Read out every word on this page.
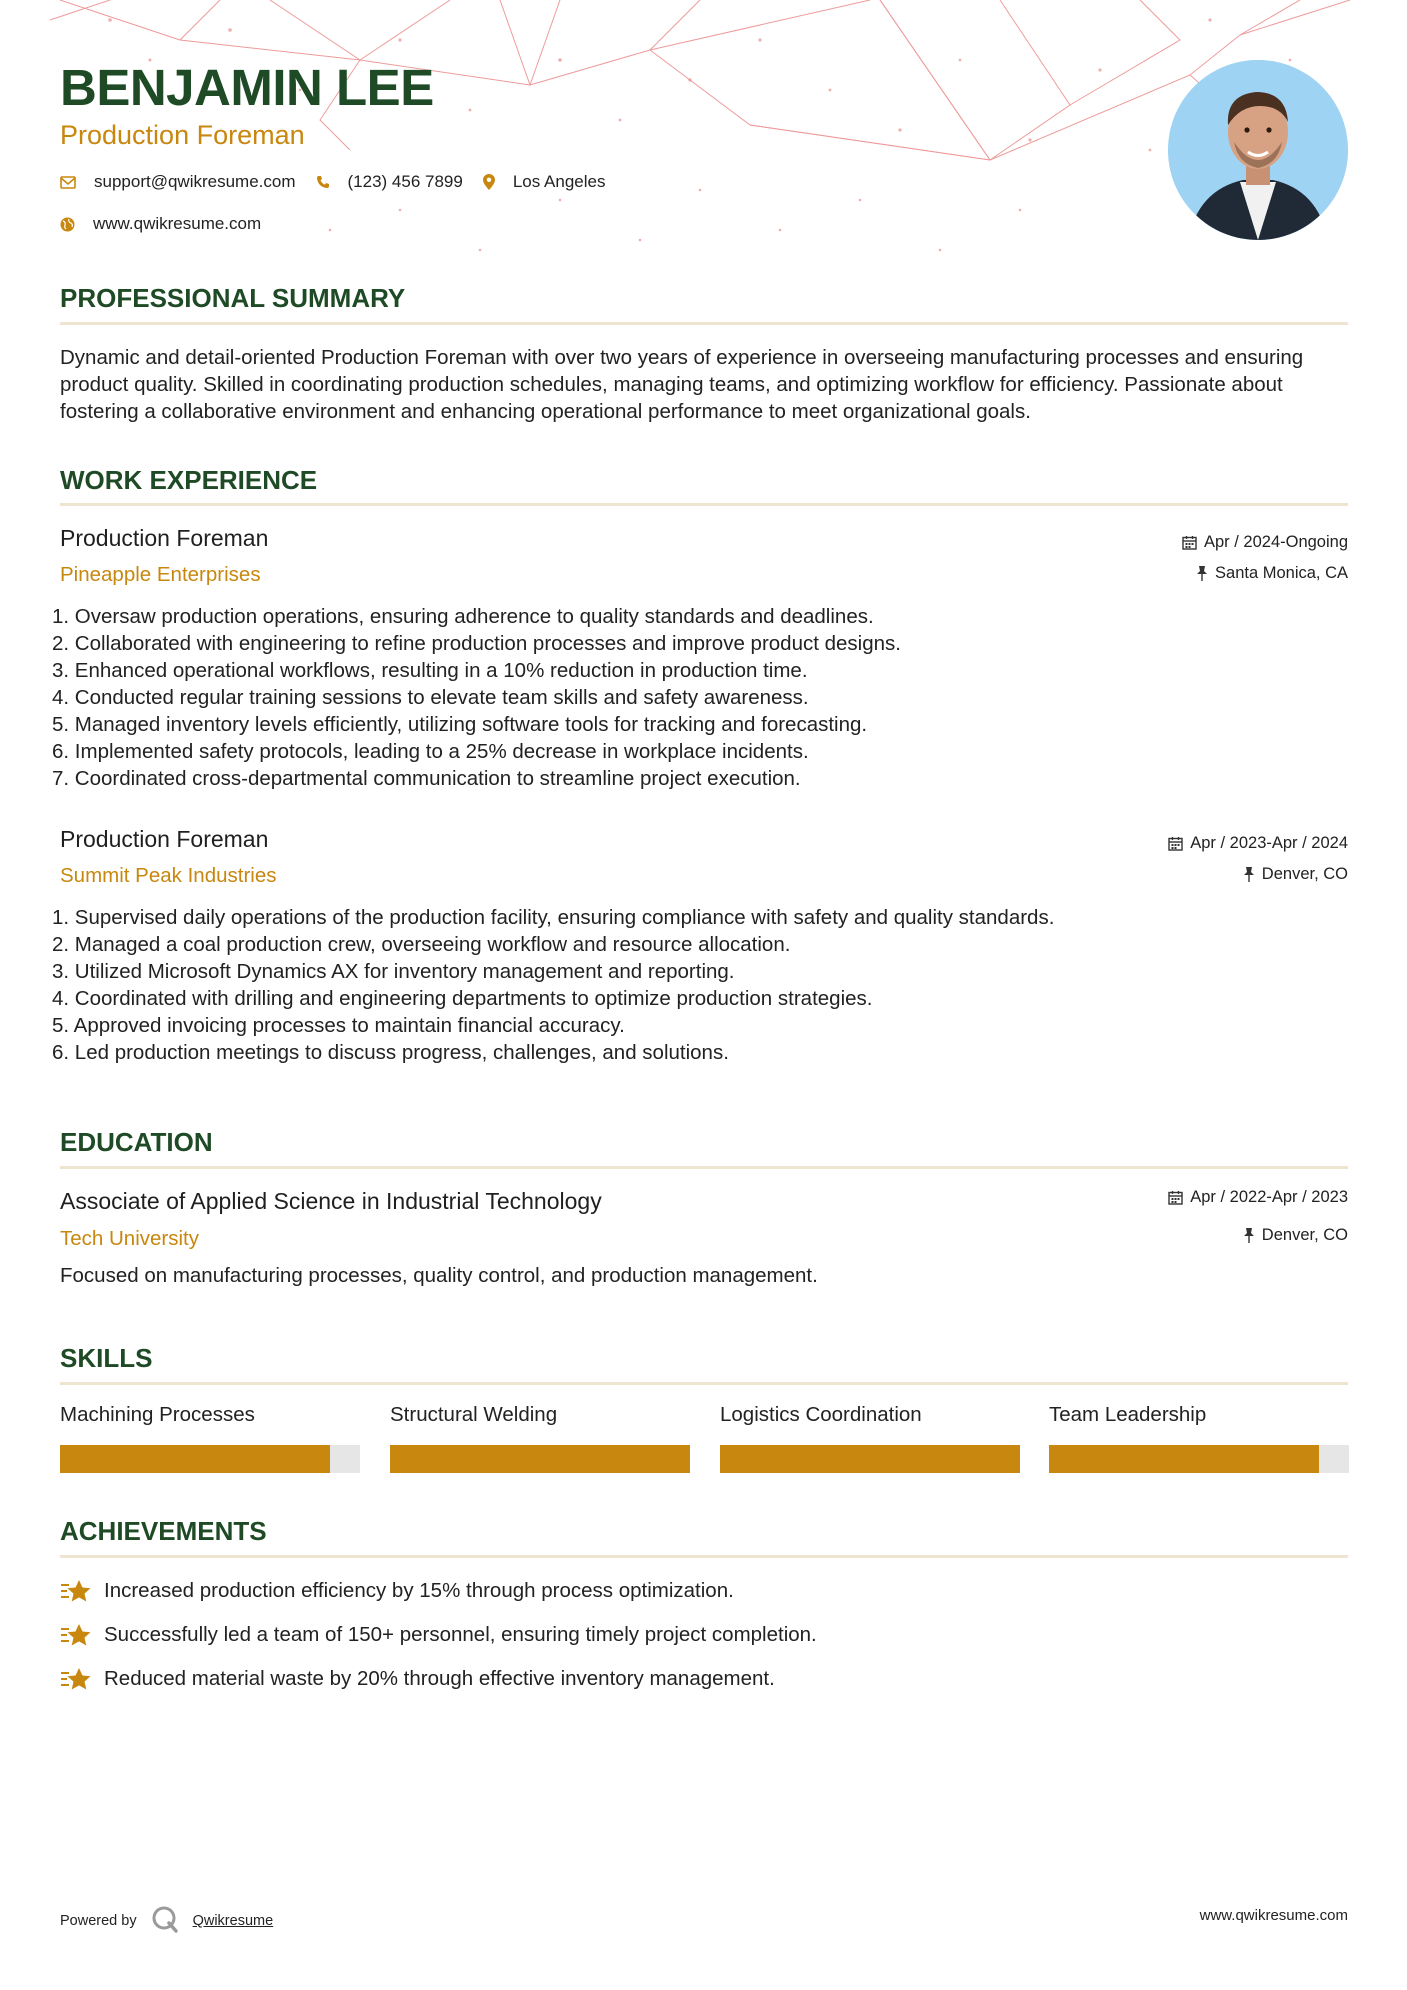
BENJAMIN LEE
Production Foreman
support@qwikresume.com	(123) 456 7899	Los Angeles
www.qwikresume.com
PROFESSIONAL SUMMARY
Dynamic and detail-oriented Production Foreman with over two years of experience in overseeing manufacturing processes and ensuring product quality. Skilled in coordinating production schedules, managing teams, and optimizing workflow for efficiency. Passionate about fostering a collaborative environment and enhancing operational performance to meet organizational goals.
WORK EXPERIENCE
Production Foreman
Pineapple Enterprises
Apr / 2024-Ongoing
Santa Monica, CA
1. Oversaw production operations, ensuring adherence to quality standards and deadlines.
2. Collaborated with engineering to refine production processes and improve product designs.
3. Enhanced operational workflows, resulting in a 10% reduction in production time.
4. Conducted regular training sessions to elevate team skills and safety awareness.
5. Managed inventory levels efficiently, utilizing software tools for tracking and forecasting.
6. Implemented safety protocols, leading to a 25% decrease in workplace incidents.
7. Coordinated cross-departmental communication to streamline project execution.
Production Foreman
Summit Peak Industries
Apr / 2023-Apr / 2024
Denver, CO
1. Supervised daily operations of the production facility, ensuring compliance with safety and quality standards.
2. Managed a coal production crew, overseeing workflow and resource allocation.
3. Utilized Microsoft Dynamics AX for inventory management and reporting.
4. Coordinated with drilling and engineering departments to optimize production strategies.
5. Approved invoicing processes to maintain financial accuracy.
6. Led production meetings to discuss progress, challenges, and solutions.
EDUCATION
Associate of Applied Science in Industrial Technology
Tech University
Apr / 2022-Apr / 2023
Denver, CO
Focused on manufacturing processes, quality control, and production management.
SKILLS
Machining Processes	Structural Welding	Logistics Coordination	Team Leadership
ACHIEVEMENTS
Increased production efficiency by 15% through process optimization.
Successfully led a team of 150+ personnel, ensuring timely project completion.
Reduced material waste by 20% through effective inventory management.
Powered by	Qwikresume	www.qwikresume.com
